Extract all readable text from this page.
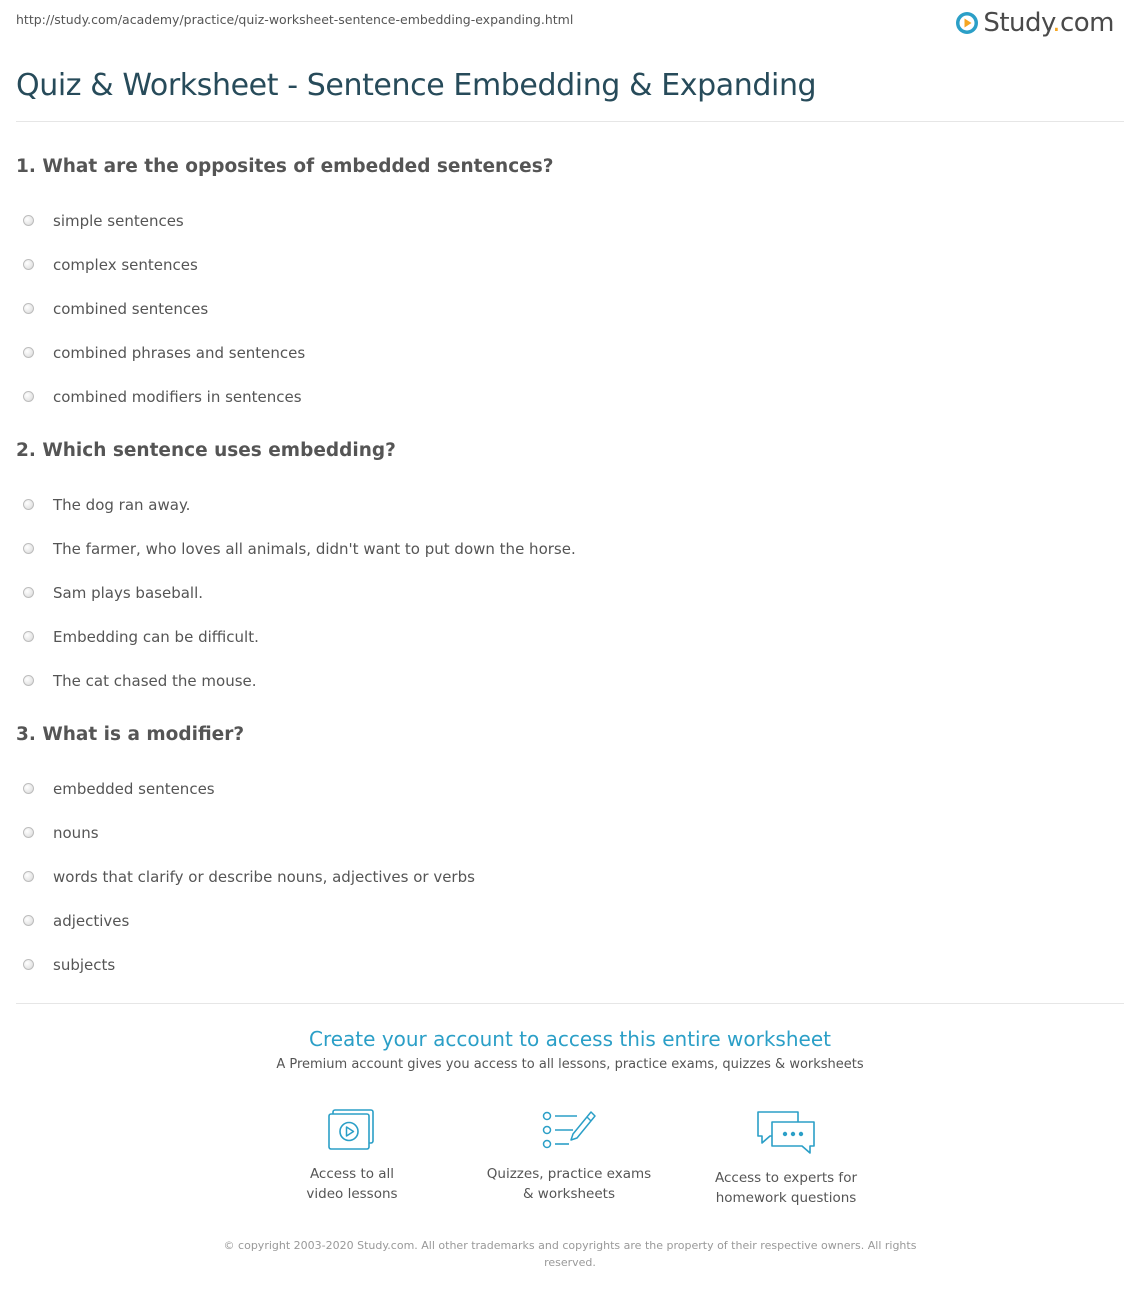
http://study.com/academy/practice/quiz-worksheet-sentence-embedding-expanding.html	Study.com
Quiz & Worksheet - Sentence Embedding & Expanding
1. What are the opposites of embedded sentences?
simple sentences
complex sentences
combined sentences
combined phrases and sentences
combined modifiers in sentences
2. Which sentence uses embedding?
The dog ran away.
The farmer, who loves all animals, didn't want to put down the horse.
Sam plays baseball.
Embedding can be difficult.
The cat chased the mouse.
3. What is a modifier?
embedded sentences
nouns
words that clarify or describe nouns, adjectives or verbs
adjectives
subjects
Create your account to access this entire worksheet
A Premium account gives you access to all lessons, practice exams, quizzes & worksheets
Access to all
video lessons
Quizzes, practice exams
& worksheets
Access to experts for
homework questions
© copyright 2003-2020 Study.com. All other trademarks and copyrights are the property of their respective owners. All rights
reserved.
